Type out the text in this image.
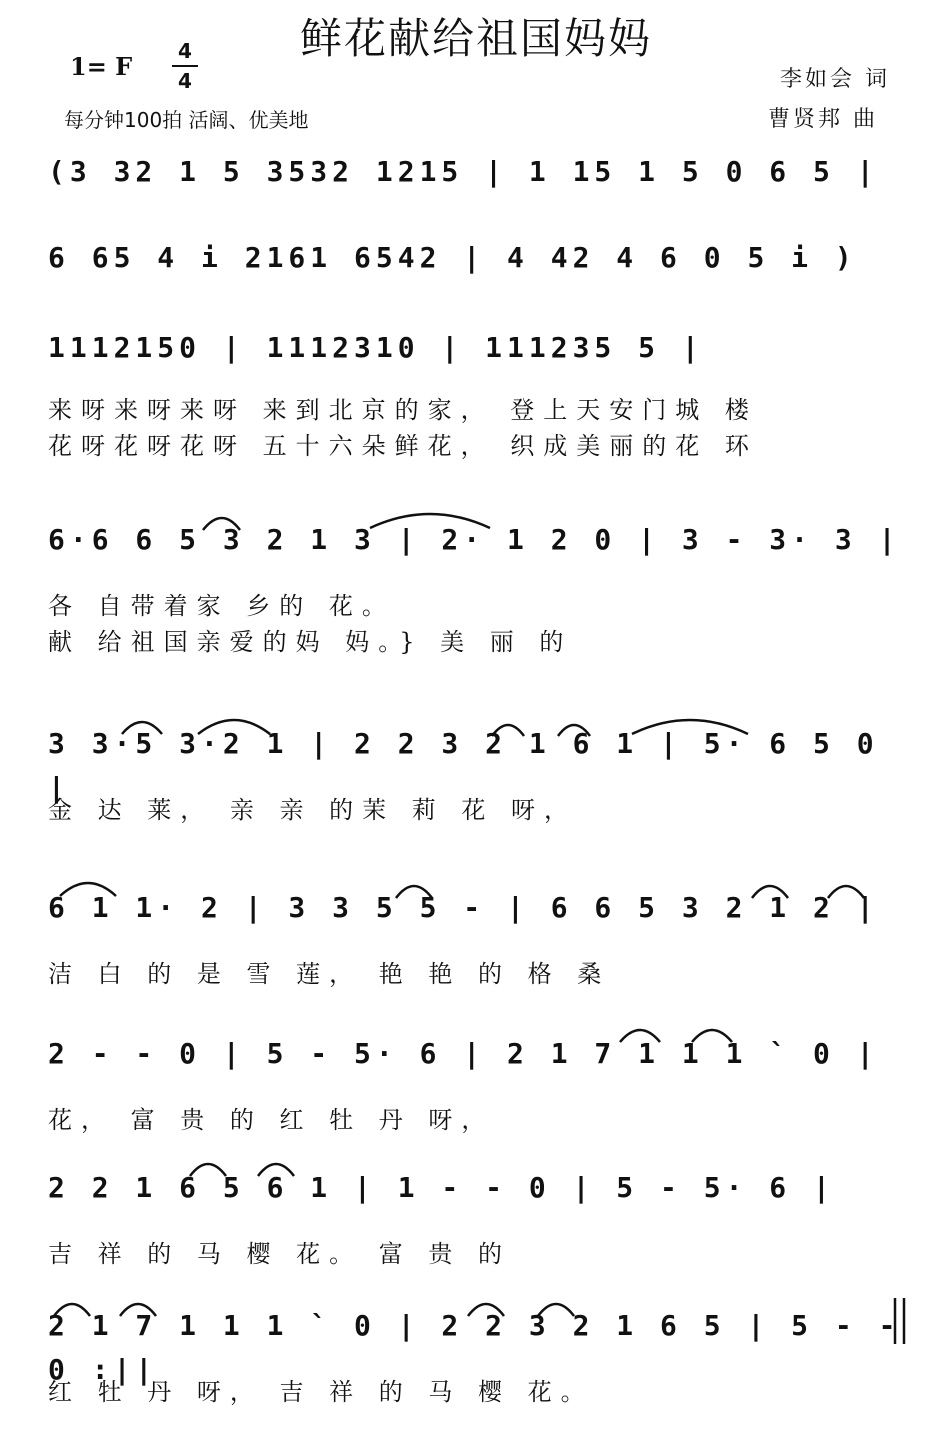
鲜花献给祖国妈妈
1= F
4
4
每分钟100拍 活阔、优美地
李如会 词
曹贤邦 曲
(3 32 1 5 3532 1215 | 1 15 1 5 0 6 5 |
6 65 4 i 2161 6542 | 4 42 4 6 0 5 i )
1112150 | 1112310 | 111235 5 |
来呀来呀来呀 来到北京的家， 登上天安门城 楼
花呀花呀花呀 五十六朵鲜花， 织成美丽的花 环
6·6 6 5 3 2 1 3 | 2· 1 2 0 | 3 - 3· 3 |
各 自带着家 乡的 花。
献 给祖国亲爱的妈 妈。} 美 丽 的
3 3·5 3·2 1 | 2 2 3 2 1 6 1 | 5· 6 5 0 |
金 达 莱， 亲 亲 的茉 莉 花 呀，
6 1 1· 2 | 3 3 5 5 - | 6 6 5 3 2 1 2 |
洁 白 的 是 雪 莲， 艳 艳 的 格 桑
2 - - 0 | 5 - 5· 6 | 2 1 7 1 1 1 ` 0 |
花， 富 贵 的 红 牡 丹 呀，
2 2 1 6 5 6 1 | 1 - - 0 | 5 - 5· 6 |
吉 祥 的 马 樱 花。 富 贵 的
2 1 7 1 1 1 ` 0 | 2 2 3 2 1 6 5 | 5 - - 0 :||
红 牡 丹 呀， 吉 祥 的 马 樱 花。
